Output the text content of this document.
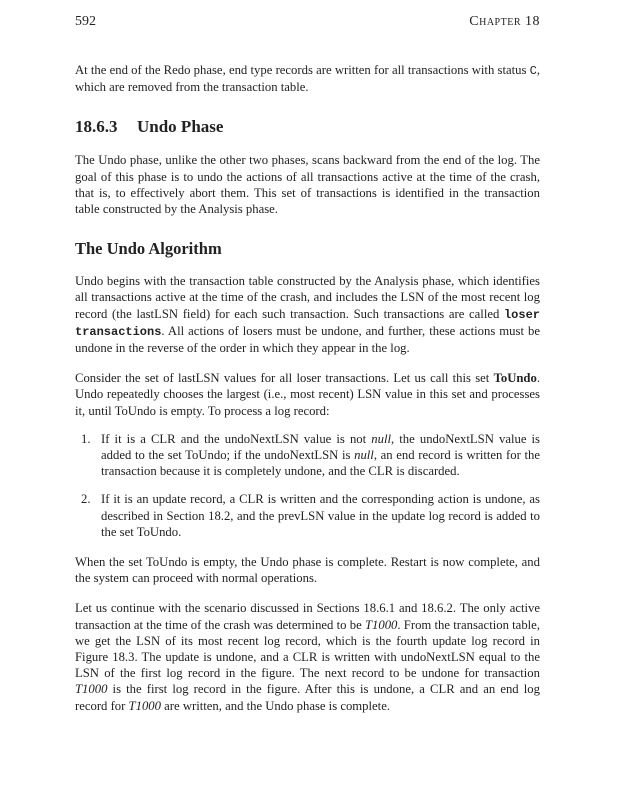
592	Chapter 18

At the end of the Redo phase, end type records are written for all transactions with status C, which are removed from the transaction table.

18.6.3 Undo Phase

The Undo phase, unlike the other two phases, scans backward from the end of the log. The goal of this phase is to undo the actions of all transactions active at the time of the crash, that is, to effectively abort them. This set of transactions is identified in the transaction table constructed by the Analysis phase.

The Undo Algorithm

Undo begins with the transaction table constructed by the Analysis phase, which identifies all transactions active at the time of the crash, and includes the LSN of the most recent log record (the lastLSN field) for each such transaction. Such transactions are called loser transactions. All actions of losers must be undone, and further, these actions must be undone in the reverse of the order in which they appear in the log.

Consider the set of lastLSN values for all loser transactions. Let us call this set ToUndo. Undo repeatedly chooses the largest (i.e., most recent) LSN value in this set and processes it, until ToUndo is empty. To process a log record:

1. If it is a CLR and the undoNextLSN value is not null, the undoNextLSN value is added to the set ToUndo; if the undoNextLSN is null, an end record is written for the transaction because it is completely undone, and the CLR is discarded.
2. If it is an update record, a CLR is written and the corresponding action is undone, as described in Section 18.2, and the prevLSN value in the update log record is added to the set ToUndo.

When the set ToUndo is empty, the Undo phase is complete. Restart is now complete, and the system can proceed with normal operations.

Let us continue with the scenario discussed in Sections 18.6.1 and 18.6.2. The only active transaction at the time of the crash was determined to be T1000. From the transaction table, we get the LSN of its most recent log record, which is the fourth update log record in Figure 18.3. The update is undone, and a CLR is written with undoNextLSN equal to the LSN of the first log record in the figure. The next record to be undone for transaction T1000 is the first log record in the figure. After this is undone, a CLR and an end log record for T1000 are written, and the Undo phase is complete.
